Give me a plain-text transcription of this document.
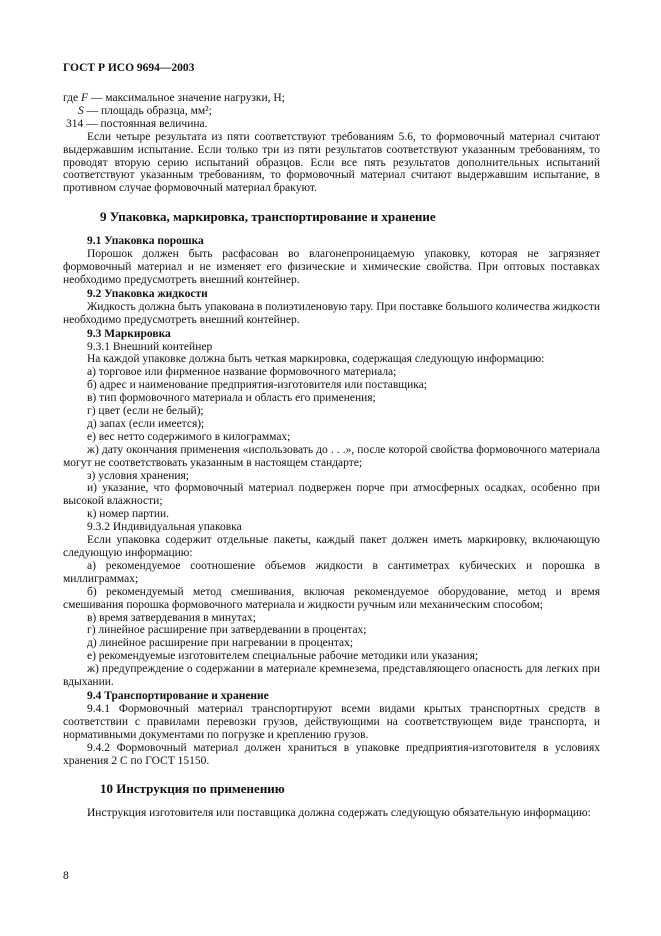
ГОСТ Р ИСО 9694—2003
где F — максимальное значение нагрузки, Н;
S — площадь образца, мм²;
314 — постоянная величина.

Если четыре результата из пяти соответствуют требованиям 5.6, то формовочный материал считают выдержавшим испытание. Если только три из пяти результатов соответствуют указанным требованиям, то проводят вторую серию испытаний образцов. Если все пять результатов дополнительных испытаний соответствуют указанным требованиям, то формовочный материал считают выдержавшим испытание, в противном случае формовочный материал бракуют.

9 Упаковка, маркировка, транспортирование и хранение

9.1 Упаковка порошка

Порошок должен быть расфасован во влагонепроницаемую упаковку, которая не загрязняет формовочный материал и не изменяет его физические и химические свойства. При оптовых поставках необходимо предусмотреть внешний контейнер.

9.2 Упаковка жидкости

Жидкость должна быть упакована в полиэтиленовую тару. При поставке большого количества жидкости необходимо предусмотреть внешний контейнер.

9.3 Маркировка

9.3.1 Внешний контейнер

На каждой упаковке должна быть четкая маркировка, содержащая следующую информацию:

а) торговое или фирменное название формовочного материала;

б) адрес и наименование предприятия-изготовителя или поставщика;

в) тип формовочного материала и область его применения;

г) цвет (если не белый);

д) запах (если имеется);

е) вес нетто содержимого в килограммах;

ж) дату окончания применения «использовать до . . .», после которой свойства формовочного материала могут не соответствовать указанным в настоящем стандарте;

з) условия хранения;

и) указание, что формовочный материал подвержен порче при атмосферных осадках, особенно при высокой влажности;

к) номер партии.

9.3.2 Индивидуальная упаковка

Если упаковка содержит отдельные пакеты, каждый пакет должен иметь маркировку, включающую следующую информацию:

а) рекомендуемое соотношение объемов жидкости в сантиметрах кубических и порошка в миллиграммах;

б) рекомендуемый метод смешивания, включая рекомендуемое оборудование, метод и время смешивания порошка формовочного материала и жидкости ручным или механическим способом;

в) время затвердевания в минутах;

г) линейное расширение при затвердевании в процентах;

д) линейное расширение при нагревании в процентах;

е) рекомендуемые изготовителем специальные рабочие методики или указания;

ж) предупреждение о содержании в материале кремнезема, представляющего опасность для легких при вдыхании.

9.4 Транспортирование и хранение

9.4.1 Формовочный материал транспортируют всеми видами крытых транспортных средств в соответствии с правилами перевозки грузов, действующими на соответствующем виде транспорта, и нормативными документами по погрузке и креплению грузов.

9.4.2 Формовочный материал должен храниться в упаковке предприятия-изготовителя в условиях хранения 2 С по ГОСТ 15150.

10 Инструкция по применению

Инструкция изготовителя или поставщика должна содержать следующую обязательную информацию:

8
